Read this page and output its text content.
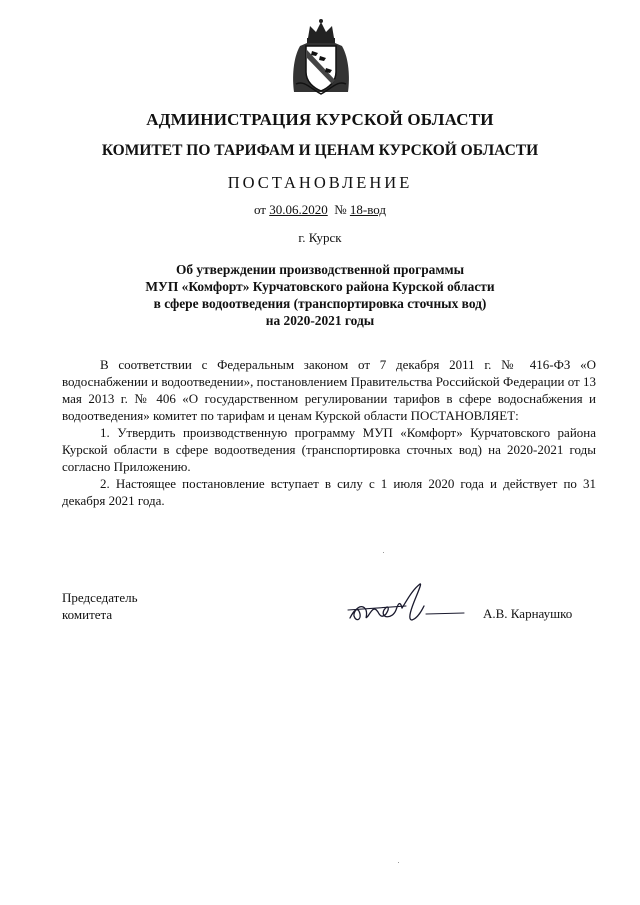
АДМИНИСТРАЦИЯ КУРСКОЙ ОБЛАСТИ
КОМИТЕТ ПО ТАРИФАМ И ЦЕНАМ КУРСКОЙ ОБЛАСТИ
ПОСТАНОВЛЕНИЕ
от 30.06.2020 № 18-вод
г. Курск
Об утверждении производственной программы
МУП «Комфорт» Курчатовского района Курской области
в сфере водоотведения (транспортировка сточных вод)
на 2020-2021 годы

В соответствии с Федеральным законом от 7 декабря 2011 г. № 416-ФЗ «О водоснабжении и водоотведении», постановлением Правительства Российской Федерации от 13 мая 2013 г. № 406 «О государственном регулировании тарифов в сфере водоснабжения и водоотведения» комитет по тарифам и ценам Курской области ПОСТАНОВЛЯЕТ:

1. Утвердить производственную программу МУП «Комфорт» Курчатовского района Курской области в сфере водоотведения (транспортировка сточных вод) на 2020-2021 годы согласно Приложению.

2. Настоящее постановление вступает в силу с 1 июля 2020 года и действует по 31 декабря 2021 года.

Председатель
комитета	А.В. Карнаушко
